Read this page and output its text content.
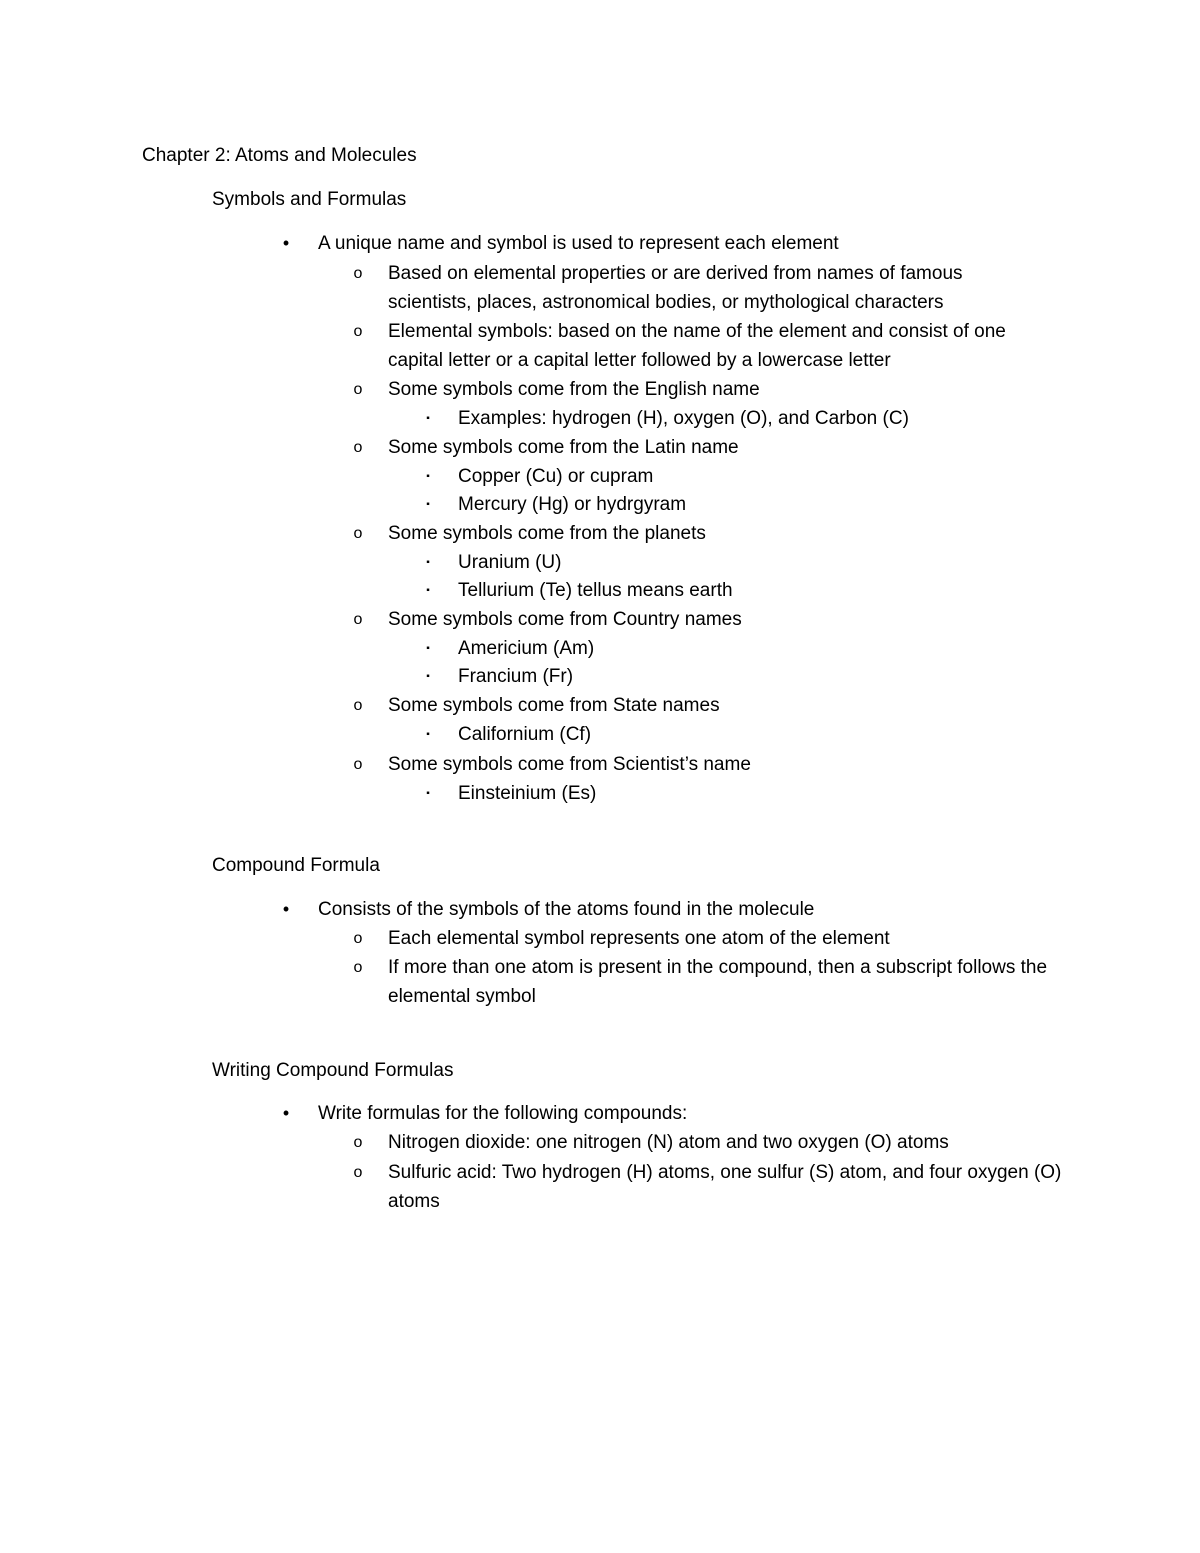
Chapter 2: Atoms and Molecules
Symbols and Formulas
• A unique name and symbol is used to represent each element
o Based on elemental properties or are derived from names of famous scientists, places, astronomical bodies, or mythological characters
o Elemental symbols: based on the name of the element and consist of one capital letter or a capital letter followed by a lowercase letter
o Some symbols come from the English name
▪	Examples: hydrogen (H), oxygen (O), and Carbon (C)
o Some symbols come from the Latin name
▪	Copper (Cu) or cupram
▪	Mercury (Hg) or hydrgyram
o Some symbols come from the planets
▪	Uranium (U)
▪	Tellurium (Te) tellus means earth
o Some symbols come from Country names
▪	Americium (Am)
▪	Francium (Fr)
o Some symbols come from State names
▪	Californium (Cf)
o Some symbols come from Scientist’s name
▪	Einsteinium (Es)
Compound Formula
• Consists of the symbols of the atoms found in the molecule
o Each elemental symbol represents one atom of the element
o If more than one atom is present in the compound, then a subscript follows the elemental symbol
Writing Compound Formulas
• Write formulas for the following compounds:
o Nitrogen dioxide: one nitrogen (N) atom and two oxygen (O) atoms
o Sulfuric acid: Two hydrogen (H) atoms, one sulfur (S) atom, and four oxygen (O) atoms
